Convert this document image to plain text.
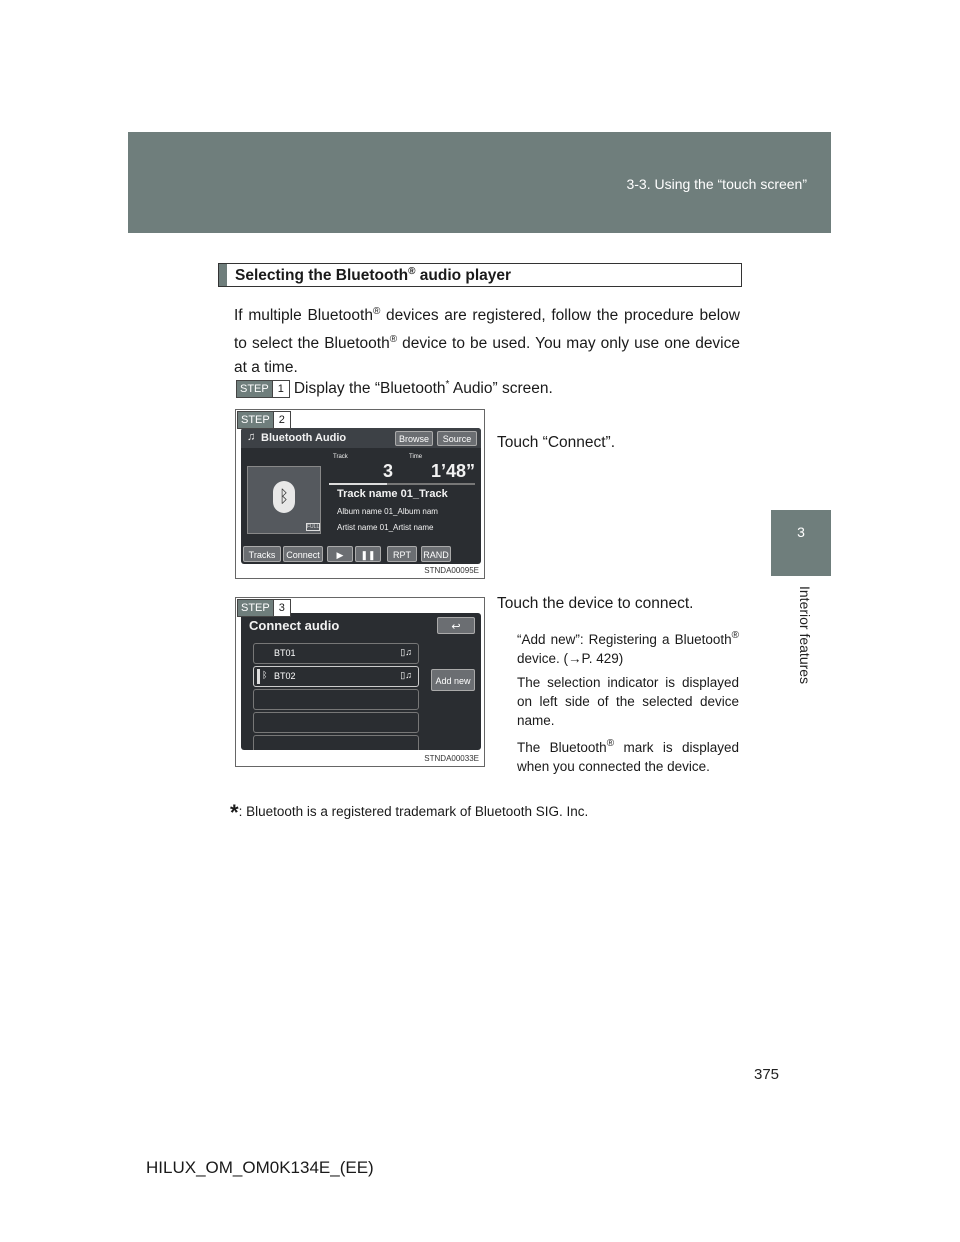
3-3. Using the “touch screen”
375
3
Interior features
Selecting the Bluetooth® audio player
If multiple Bluetooth® devices are registered, follow the procedure below to select the Bluetooth® device to be used. You may only use one device at a time.
STEP 1 Display the “Bluetooth* Audio” screen.
♫ Bluetooth Audio	Browse	Source
ᛒ
FULL
Track	Time
3 1’48”
Track name 01_Track
Album name 01_Album nam
Artist name 01_Artist name
Tracks	Connect	▶	❚❚	RPT	RAND
STNDA00095E
STEP 2
Touch “Connect”.
Connect audio	↩
BT01	▯♫
ᛒ BT02	▯♫
Add new
STNDA00033E
STEP 3	Touch the device to connect.
“Add new”: Registering a Bluetooth® device. (→P. 429)
The selection indicator is displayed on left side of the selected device name.
The Bluetooth® mark is displayed when you connected the device.
*: Bluetooth is a registered trademark of Bluetooth SIG. Inc.
HILUX_OM_OM0K134E_(EE)
